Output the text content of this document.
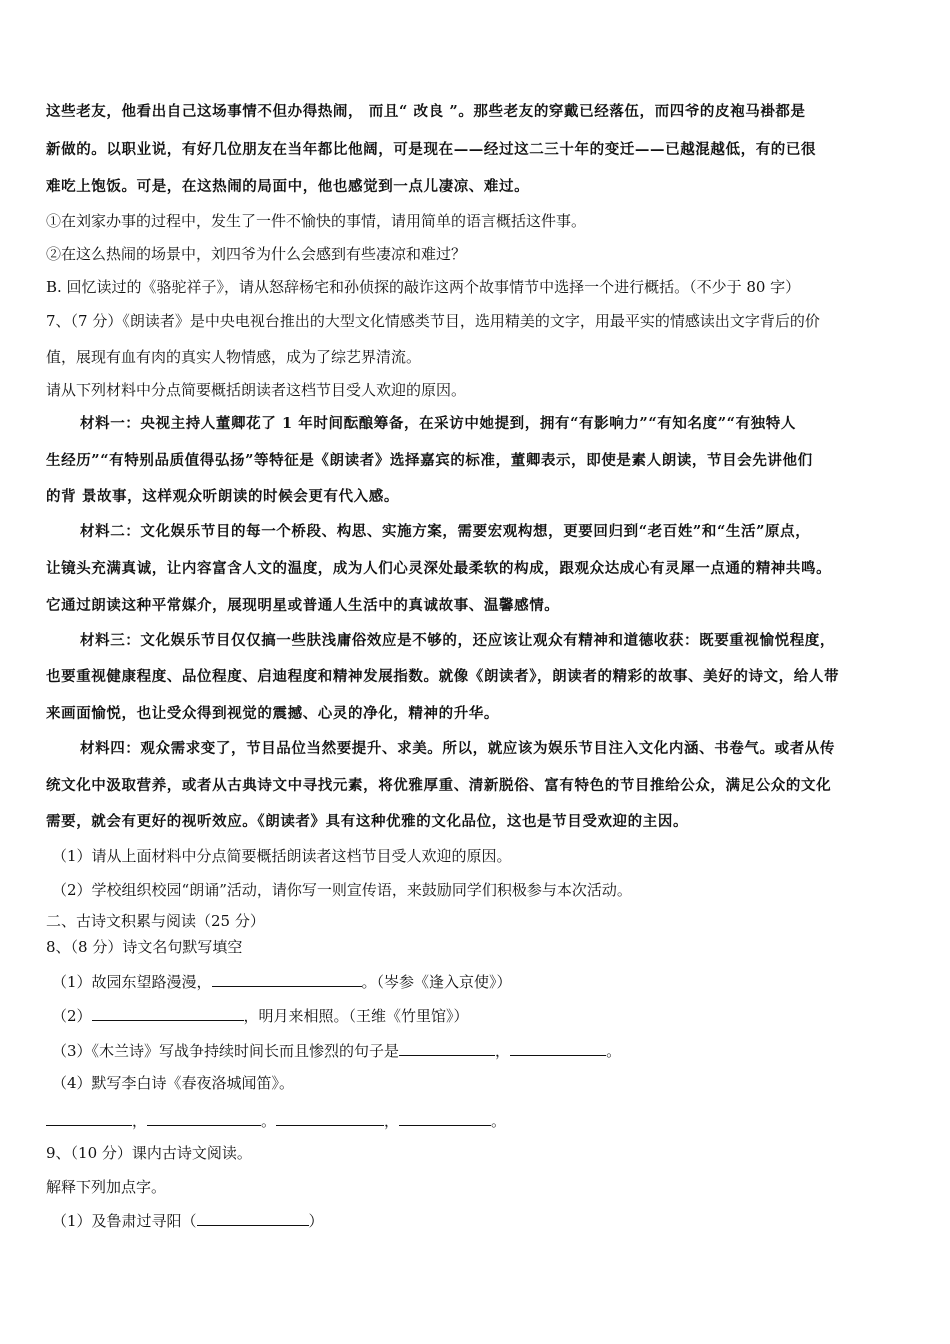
这些老友，他看出自己这场事情不但办得热闹， 而且“ 改良 ”。那些老友的穿戴已经落伍，而四爷的皮袍马褂都是
新做的。以职业说，有好几位朋友在当年都比他阔，可是现在——经过这二三十年的变迁——已越混越低，有的已很
难吃上饱饭。可是，在这热闹的局面中，他也感觉到一点儿凄凉、难过。
①在刘家办事的过程中，发生了一件不愉快的事情，请用简单的语言概括这件事。
②在这么热闹的场景中，刘四爷为什么会感到有些凄凉和难过？
B. 回忆读过的《骆驼祥子》，请从怒辞杨宅和孙侦探的敲诈这两个故事情节中选择一个进行概括。（不少于 80 字）
7、（7 分）《朗读者》是中央电视台推出的大型文化情感类节目，选用精美的文字，用最平实的情感读出文字背后的价
值，展现有血有肉的真实人物情感，成为了综艺界清流。
请从下列材料中分点简要概括朗读者这档节目受人欢迎的原因。
材料一：央视主持人董卿花了 1 年时间酝酿筹备，在采访中她提到，拥有“有影响力”“有知名度”“有独特人
生经历”“有特别品质值得弘扬”等特征是《朗读者》选择嘉宾的标准，董卿表示，即使是素人朗读，节目会先讲他们
的背 景故事，这样观众听朗读的时候会更有代入感。
材料二：文化娱乐节目的每一个桥段、构思、实施方案，需要宏观构想，更要回归到“老百姓”和“生活”原点，
让镜头充满真诚，让内容富含人文的温度，成为人们心灵深处最柔软的构成，跟观众达成心有灵犀一点通的精神共鸣。
它通过朗读这种平常媒介，展现明星或普通人生活中的真诚故事、温馨感情。
材料三：文化娱乐节目仅仅搞一些肤浅庸俗效应是不够的，还应该让观众有精神和道德收获：既要重视愉悦程度，
也要重视健康程度、品位程度、启迪程度和精神发展指数。就像《朗读者》，朗读者的精彩的故事、美好的诗文，给人带
来画面愉悦，也让受众得到视觉的震撼、心灵的净化，精神的升华。
材料四：观众需求变了，节目品位当然要提升、求美。所以，就应该为娱乐节目注入文化内涵、书卷气。或者从传
统文化中汲取营养，或者从古典诗文中寻找元素，将优雅厚重、清新脱俗、富有特色的节目推给公众，满足公众的文化
需要，就会有更好的视听效应。《朗读者》具有这种优雅的文化品位，这也是节目受欢迎的主因。
（1）请从上面材料中分点简要概括朗读者这档节目受人欢迎的原因。
（2）学校组织校园“朗诵”活动，请你写一则宣传语，来鼓励同学们积极参与本次活动。
二、古诗文积累与阅读（25 分）
8、（8 分）诗文名句默写填空
（1）故园东望路漫漫，	。（岑参《逢入京使》）
（2）	，明月来相照。（王维《竹里馆》）
（3）《木兰诗》写战争持续时间长而且惨烈的句子是	，	。
（4）默写李白诗《春夜洛城闻笛》。
，	。	，	。
9、（10 分）课内古诗文阅读。
解释下列加点字。
（1）及鲁肃过寻阳（	）
